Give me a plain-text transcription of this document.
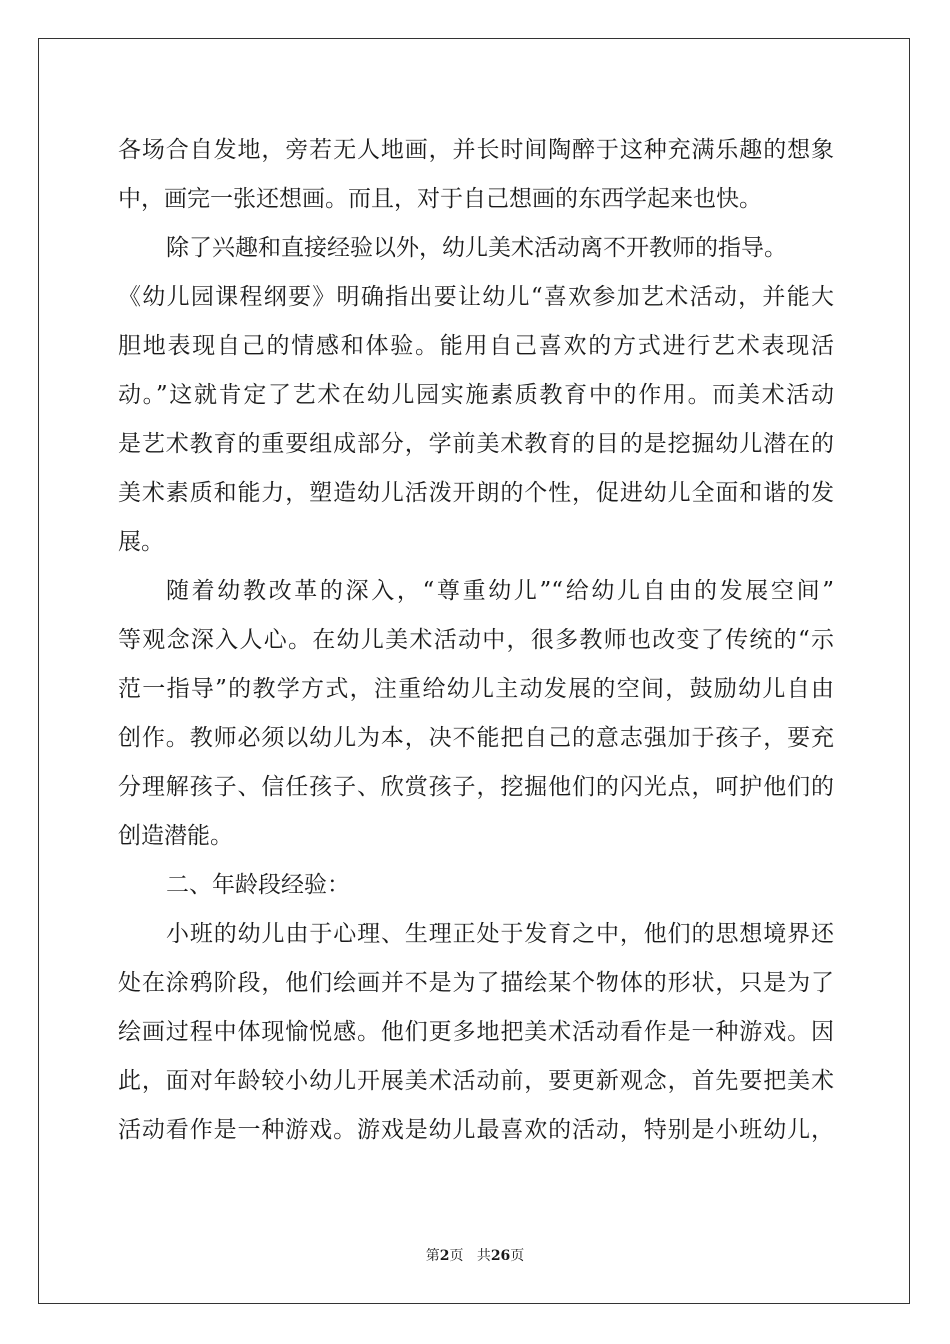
各场合自发地，旁若无人地画，并长时间陶醉于这种充满乐趣的想象
中，画完一张还想画。而且，对于自己想画的东西学起来也快。
除了兴趣和直接经验以外，幼儿美术活动离不开教师的指导。
《幼儿园课程纲要》明确指出要让幼儿“喜欢参加艺术活动，并能大
胆地表现自己的情感和体验。能用自己喜欢的方式进行艺术表现活
动。”这就肯定了艺术在幼儿园实施素质教育中的作用。而美术活动
是艺术教育的重要组成部分，学前美术教育的目的是挖掘幼儿潜在的
美术素质和能力，塑造幼儿活泼开朗的个性，促进幼儿全面和谐的发
展。
随着幼教改革的深入，“尊重幼儿”“给幼儿自由的发展空间”
等观念深入人心。在幼儿美术活动中，很多教师也改变了传统的“示
范一指导”的教学方式，注重给幼儿主动发展的空间，鼓励幼儿自由
创作。教师必须以幼儿为本，决不能把自己的意志强加于孩子，要充
分理解孩子、信任孩子、欣赏孩子，挖掘他们的闪光点，呵护他们的
创造潜能。
二、年龄段经验：
小班的幼儿由于心理、生理正处于发育之中，他们的思想境界还
处在涂鸦阶段，他们绘画并不是为了描绘某个物体的形状，只是为了
绘画过程中体现愉悦感。他们更多地把美术活动看作是一种游戏。因
此，面对年龄较小幼儿开展美术活动前，要更新观念，首先要把美术
活动看作是一种游戏。游戏是幼儿最喜欢的活动，特别是小班幼儿，
第2页 共26页
